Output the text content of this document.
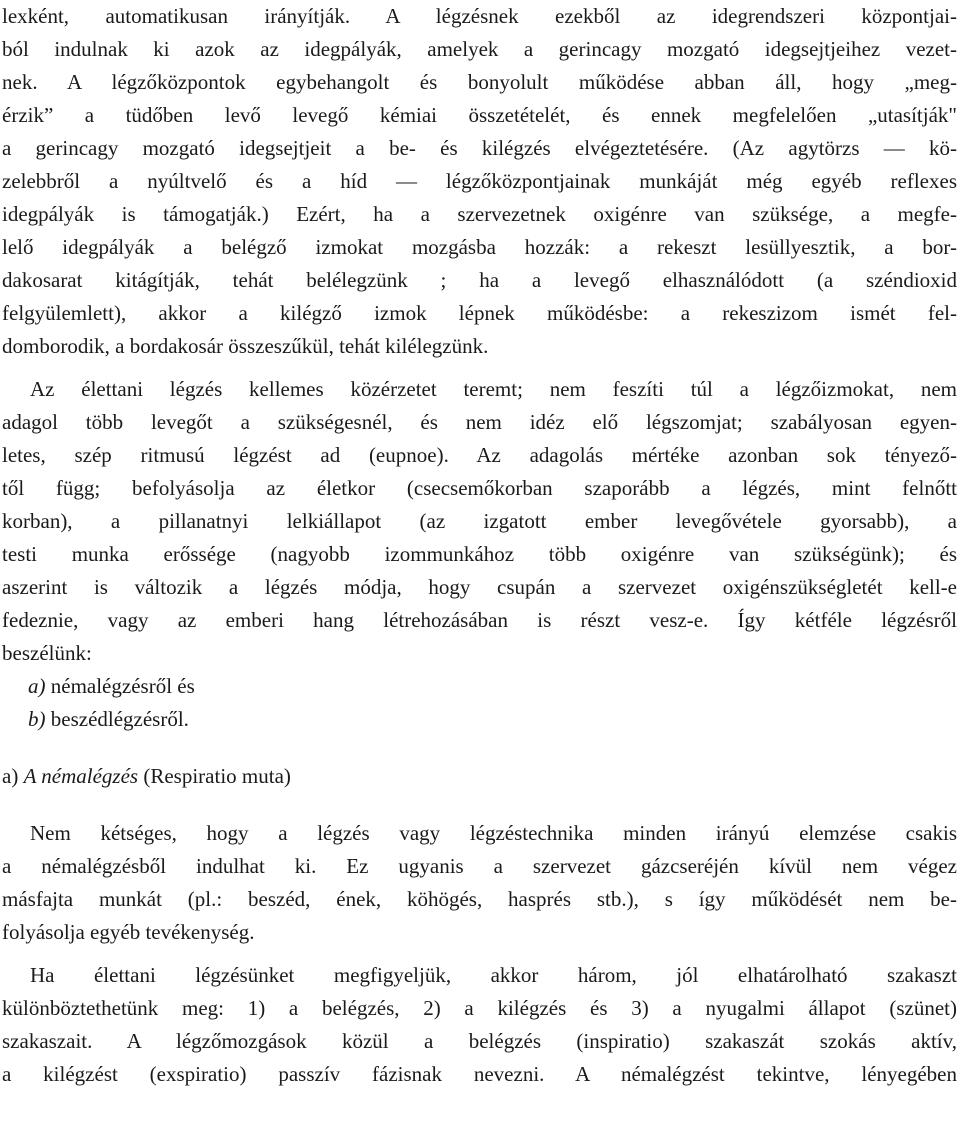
lexként, automatikusan irányítják. A légzésnek ezekből az idegrendszeri központjai-
ból indulnak ki azok az idegpályák, amelyek a gerincagy mozgató idegsejtjeihez vezet-
nek. A légzőközpontok egybehangolt és bonyolult működése abban áll, hogy „meg-
érzik” a tüdőben levő levegő kémiai összetételét, és ennek megfelelően „utasítják"
a gerincagy mozgató idegsejtjeit a be- és kilégzés elvégeztetésére. (Az agytörzs — kö-
zelebbről a nyúltvelő és a híd — légzőközpontjainak munkáját még egyéb reflexes
idegpályák is támogatják.) Ezért, ha a szervezetnek oxigénre van szüksége, a megfe-
lelő idegpályák a belégző izmokat mozgásba hozzák: a rekeszt lesüllyesztik, a bor-
dakosarat kitágítják, tehát belélegzünk ; ha a levegő elhasználódott (a széndioxid
felgyülemlett), akkor a kilégző izmok lépnek működésbe: a rekeszizom ismét fel-
domborodik, a bordakosár összeszűkül, tehát kilélegzünk.
Az élettani légzés kellemes közérzetet teremt; nem feszíti túl a légzőizmokat, nem
adagol több levegőt a szükségesnél, és nem idéz elő légszomjat; szabályosan egyen-
letes, szép ritmusú légzést ad (eupnoe). Az adagolás mértéke azonban sok tényező-
től függ; befolyásolja az életkor (csecsemőkorban szaporább a légzés, mint felnőtt
korban), a pillanatnyi lelkiállapot (az izgatott ember levegővétele gyorsabb), a
testi munka erőssége (nagyobb izommunkához több oxigénre van szükségünk); és
aszerint is változik a légzés módja, hogy csupán a szervezet oxigénszükségletét kell-e
fedeznie, vagy az emberi hang létrehozásában is részt vesz-e. Így kétféle légzésről
beszélünk:
a) némalégzésről és
b) beszédlégzésről.
a) A némalégzés (Respiratio muta)
Nem kétséges, hogy a légzés vagy légzéstechnika minden irányú elemzése csakis
a némalégzésből indulhat ki. Ez ugyanis a szervezet gázcseréjén kívül nem végez
másfajta munkát (pl.: beszéd, ének, köhögés, hasprés stb.), s így működését nem be-
folyásolja egyéb tevékenység.
Ha élettani légzésünket megfigyeljük, akkor három, jól elhatárolható szakaszt
különböztethetünk meg: 1) a belégzés, 2) a kilégzés és 3) a nyugalmi állapot (szünet)
szakaszait. A légzőmozgások közül a belégzés (inspiratio) szakaszát szokás aktív,
a kilégzést (exspiratio) passzív fázisnak nevezni. A némalégzést tekintve, lényegében
